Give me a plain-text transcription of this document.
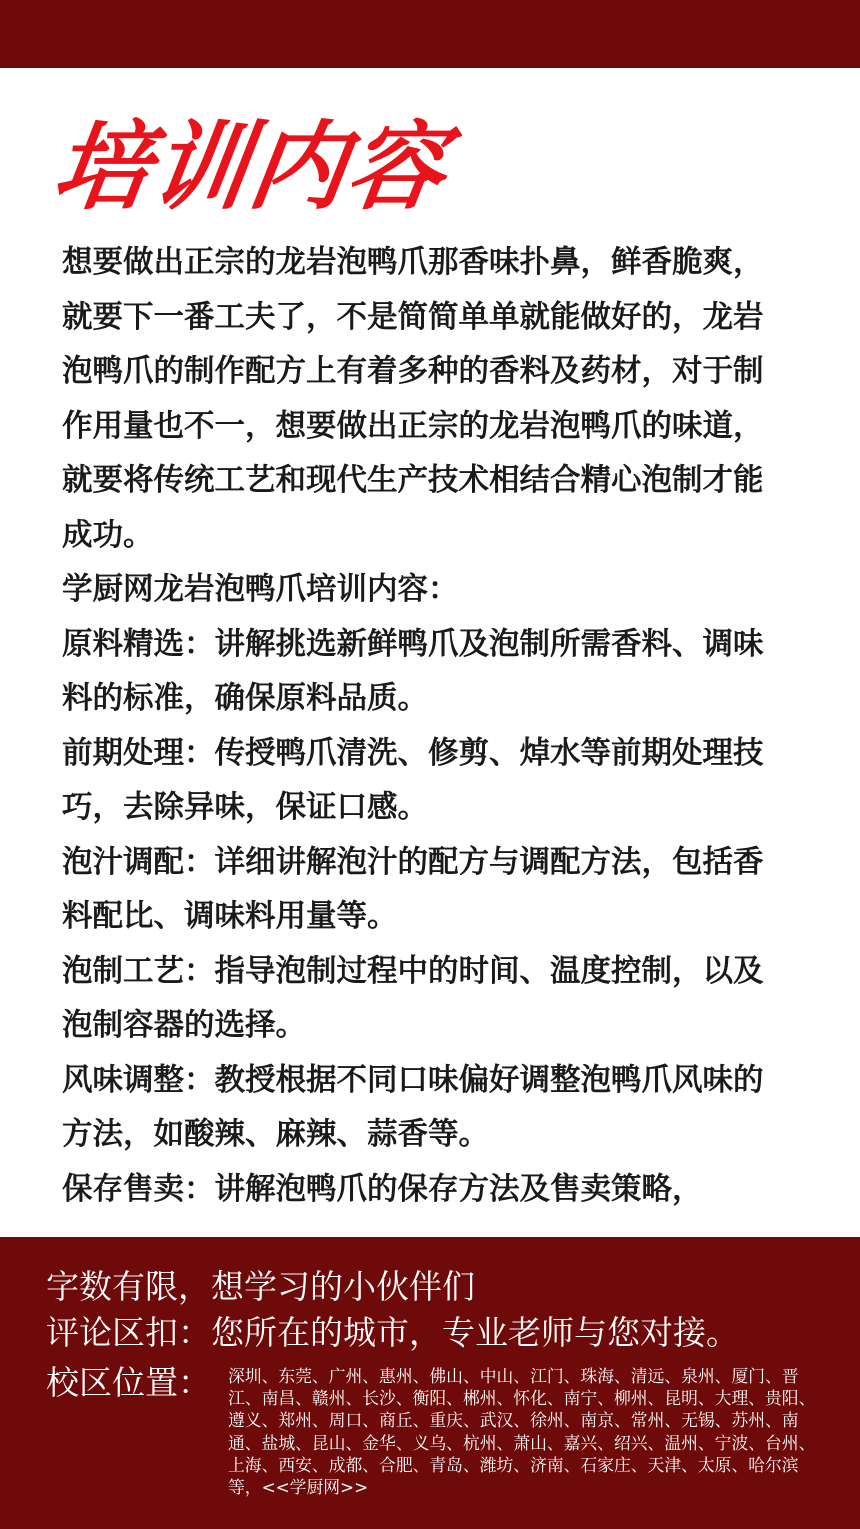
培训内容

想要做出正宗的龙岩泡鸭爪那香味扑鼻，鲜香脆爽，就要下一番工夫了，不是简简单单就能做好的，龙岩泡鸭爪的制作配方上有着多种的香料及药材，对于制作用量也不一，想要做出正宗的龙岩泡鸭爪的味道，就要将传统工艺和现代生产技术相结合精心泡制才能成功。

学厨网龙岩泡鸭爪培训内容：

原料精选：讲解挑选新鲜鸭爪及泡制所需香料、调味料的标准，确保原料品质。

前期处理：传授鸭爪清洗、修剪、焯水等前期处理技巧，去除异味，保证口感。

泡汁调配：详细讲解泡汁的配方与调配方法，包括香料配比、调味料用量等。

泡制工艺：指导泡制过程中的时间、温度控制，以及泡制容器的选择。

风味调整：教授根据不同口味偏好调整泡鸭爪风味的方法，如酸辣、麻辣、蒜香等。

保存售卖：讲解泡鸭爪的保存方法及售卖策略，

字数有限，想学习的小伙伴们
评论区扣：您所在的城市，专业老师与您对接。
校区位置： 深圳、东莞、广州、惠州、佛山、中山、江门、珠海、清远、泉州、厦门、晋江、南昌、赣州、长沙、衡阳、郴州、怀化、南宁、柳州、昆明、大理、贵阳、遵义、郑州、周口、商丘、重庆、武汉、徐州、南京、常州、无锡、苏州、南通、盐城、昆山、金华、义乌、杭州、萧山、嘉兴、绍兴、温州、宁波、台州、上海、西安、成都、合肥、青岛、潍坊、济南、石家庄、天津、太原、哈尔滨等，<<学厨网>>
